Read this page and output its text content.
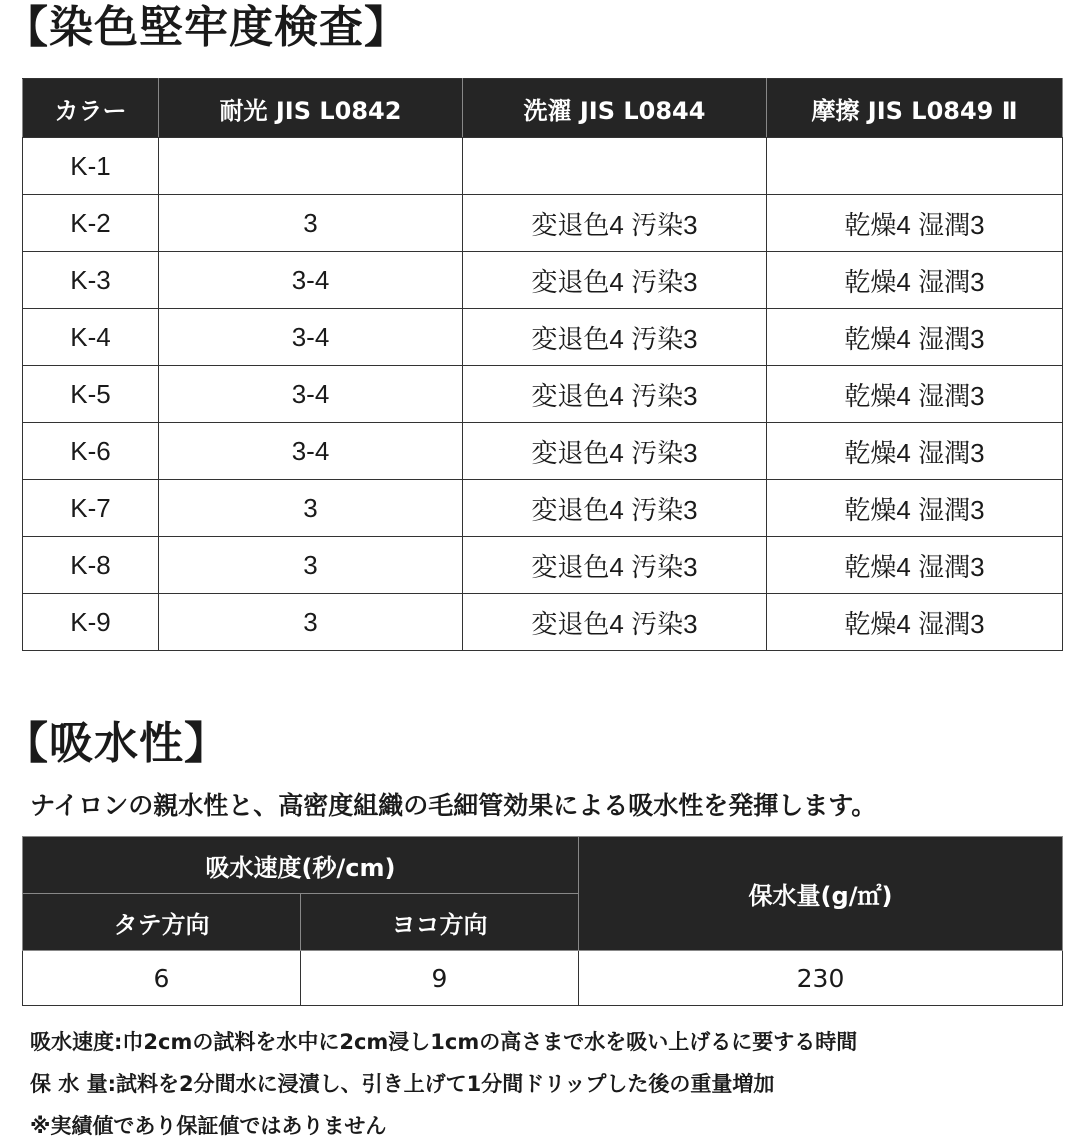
【染色堅牢度検査】
カラー	耐光 JIS L0842	洗濯 JIS L0844	摩擦 JIS L0849 Ⅱ
K-1			
K-2	3	変退色4 汚染3	乾燥4 湿潤3
K-3	3-4	変退色4 汚染3	乾燥4 湿潤3
K-4	3-4	変退色4 汚染3	乾燥4 湿潤3
K-5	3-4	変退色4 汚染3	乾燥4 湿潤3
K-6	3-4	変退色4 汚染3	乾燥4 湿潤3
K-7	3	変退色4 汚染3	乾燥4 湿潤3
K-8	3	変退色4 汚染3	乾燥4 湿潤3
K-9	3	変退色4 汚染3	乾燥4 湿潤3
【吸水性】
ナイロンの親水性と、高密度組織の毛細管効果による吸水性を発揮します。
吸水速度(秒/cm)		保水量(g/㎡)
タテ方向	ヨコ方向	
6	9	230
吸水速度:巾2cmの試料を水中に2cm浸し1cmの高さまで水を吸い上げるに要する時間
保 水 量:試料を2分間水に浸漬し、引き上げて1分間ドリップした後の重量増加
※実績値であり保証値ではありません
